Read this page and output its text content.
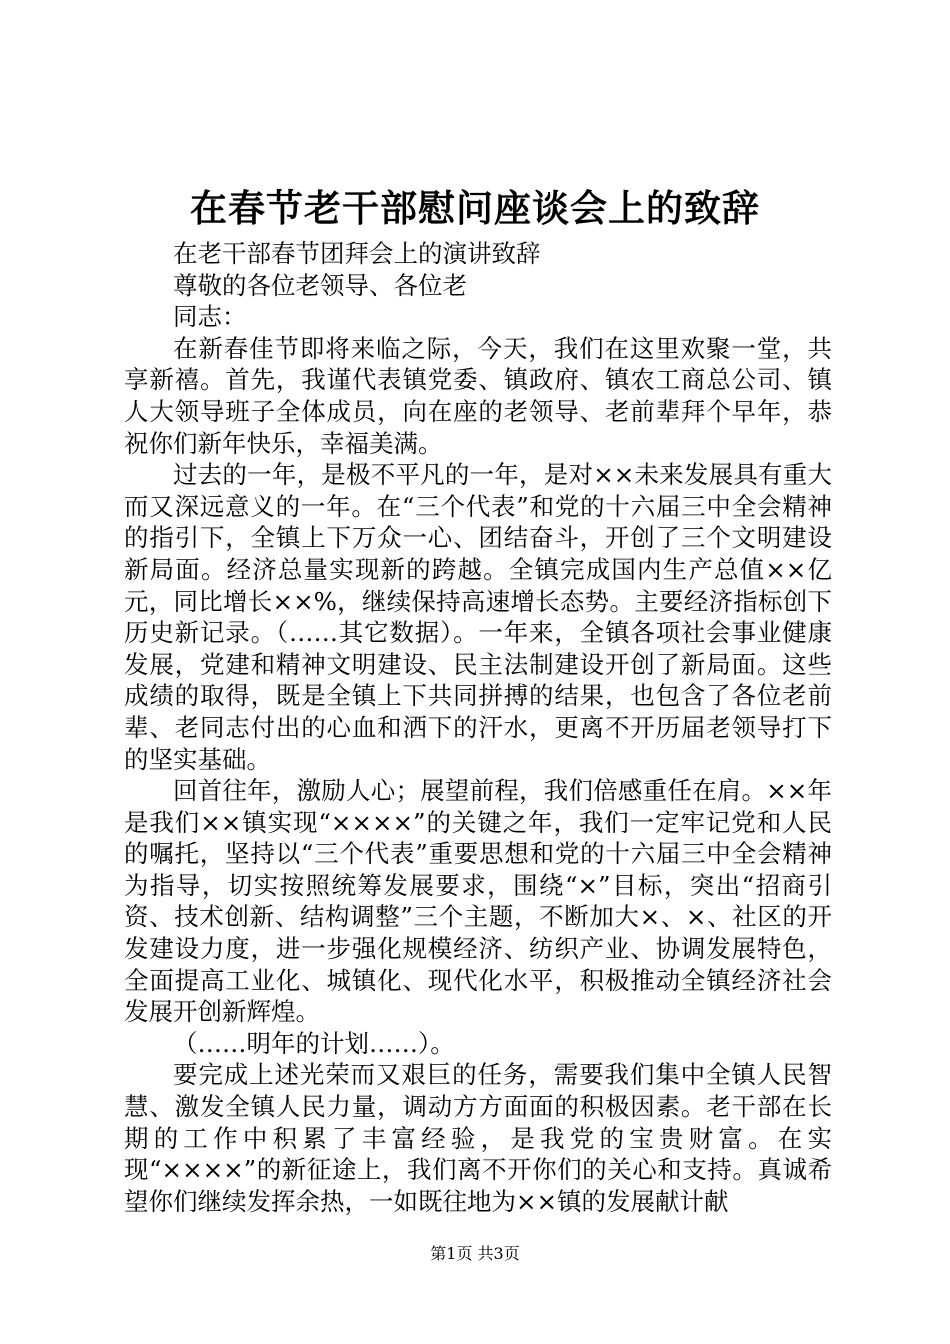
在春节老干部慰问座谈会上的致辞

在老干部春节团拜会上的演讲致辞

尊敬的各位老领导、各位老

同志：

在新春佳节即将来临之际，今天，我们在这里欢聚一堂，共享新禧。首先，我谨代表镇党委、镇政府、镇农工商总公司、镇人大领导班子全体成员，向在座的老领导、老前辈拜个早年，恭祝你们新年快乐，幸福美满。

过去的一年，是极不平凡的一年，是对××未来发展具有重大而又深远意义的一年。在“三个代表”和党的十六届三中全会精神的指引下，全镇上下万众一心、团结奋斗，开创了三个文明建设新局面。经济总量实现新的跨越。全镇完成国内生产总值××亿元，同比增长××%，继续保持高速增长态势。主要经济指标创下历史新记录。（……其它数据）。一年来，全镇各项社会事业健康发展，党建和精神文明建设、民主法制建设开创了新局面。这些成绩的取得，既是全镇上下共同拼搏的结果，也包含了各位老前辈、老同志付出的心血和洒下的汗水，更离不开历届老领导打下的坚实基础。

回首往年，激励人心；展望前程，我们倍感重任在肩。××年是我们××镇实现“××××”的关键之年，我们一定牢记党和人民的嘱托，坚持以“三个代表”重要思想和党的十六届三中全会精神为指导，切实按照统筹发展要求，围绕“×”目标，突出“招商引资、技术创新、结构调整”三个主题，不断加大×、×、社区的开发建设力度，进一步强化规模经济、纺织产业、协调发展特色，全面提高工业化、城镇化、现代化水平，积极推动全镇经济社会发展开创新辉煌。

（……明年的计划……）。

要完成上述光荣而又艰巨的任务，需要我们集中全镇人民智慧、激发全镇人民力量，调动方方面面的积极因素。老干部在长期的工作中积累了丰富经验，是我党的宝贵财富。在实现“××××”的新征途上，我们离不开你们的关心和支持。真诚希望你们继续发挥余热，一如既往地为××镇的发展献计献

第1页 共3页
